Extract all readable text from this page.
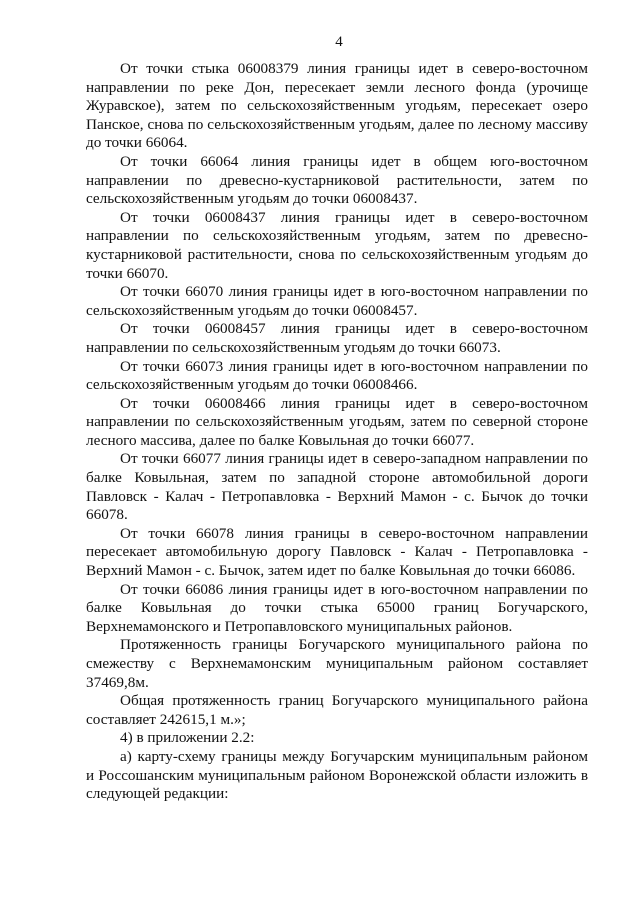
4

От точки стыка 06008379 линия границы идет в северо-восточном направлении по реке Дон, пересекает земли лесного фонда (урочище Журавское), затем по сельскохозяйственным угодьям, пересекает озеро Панское, снова по сельскохозяйственным угодьям, далее по лесному массиву до точки 66064.

От точки 66064 линия границы идет в общем юго-восточном направлении по древесно-кустарниковой растительности, затем по сельскохозяйственным угодьям до точки 06008437.

От точки 06008437 линия границы идет в северо-восточном направлении по сельскохозяйственным угодьям, затем по древесно-кустарниковой растительности, снова по сельскохозяйственным угодьям до точки 66070.

От точки 66070 линия границы идет в юго-восточном направлении по сельскохозяйственным угодьям до точки 06008457.

От точки 06008457 линия границы идет в северо-восточном направлении по сельскохозяйственным угодьям до точки 66073.

От точки 66073 линия границы идет в юго-восточном направлении по сельскохозяйственным угодьям до точки 06008466.

От точки 06008466 линия границы идет в северо-восточном направлении по сельскохозяйственным угодьям, затем по северной стороне лесного массива, далее по балке Ковыльная до точки 66077.

От точки 66077 линия границы идет в северо-западном направлении по балке Ковыльная, затем по западной стороне автомобильной дороги Павловск - Калач - Петропавловка - Верхний Мамон - с. Бычок до точки 66078.

От точки 66078 линия границы в северо-восточном направлении пересекает автомобильную дорогу Павловск - Калач - Петропавловка - Верхний Мамон - с. Бычок, затем идет по балке Ковыльная до точки 66086.

От точки 66086 линия границы идет в юго-восточном направлении по балке Ковыльная до точки стыка 65000 границ Богучарского, Верхнемамонского и Петропавловского муниципальных районов.

Протяженность границы Богучарского муниципального района по смежеству с Верхнемамонским муниципальным районом составляет 37469,8м.

Общая протяженность границ Богучарского муниципального района составляет 242615,1 м.»;

4) в приложении 2.2:

а) карту-схему границы между Богучарским муниципальным районом и Россошанским муниципальным районом Воронежской области изложить в следующей редакции:
